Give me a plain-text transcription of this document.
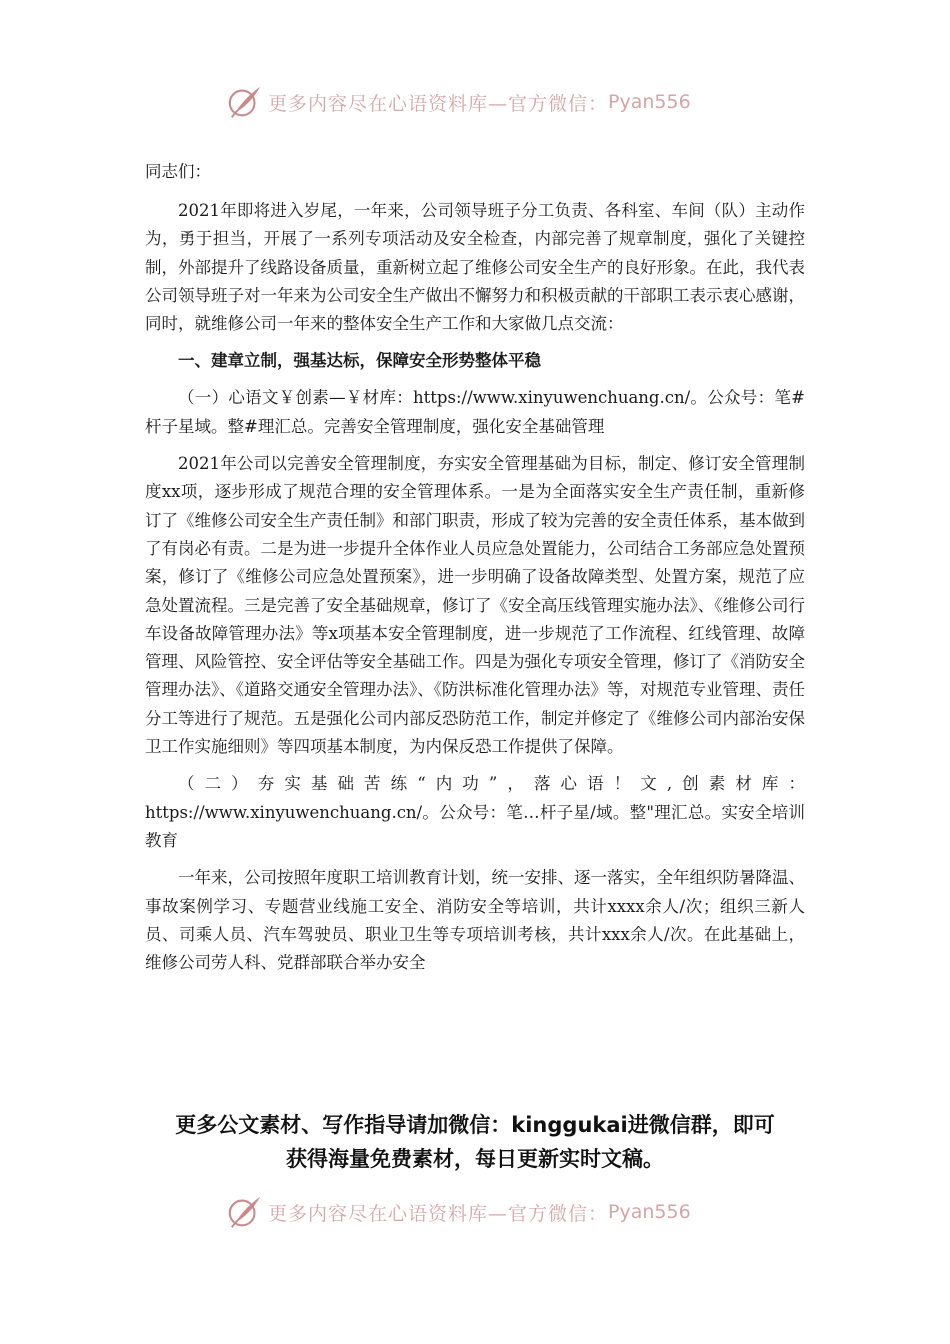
更多内容尽在心语资料库—官方微信： Pyan556

同志们：

2021年即将进入岁尾，一年来，公司领导班子分工负责、各科室、车间（队）主动作为，勇于担当，开展了一系列专项活动及安全检查，内部完善了规章制度，强化了关键控制，外部提升了线路设备质量，重新树立起了维修公司安全生产的良好形象。在此，我代表公司领导班子对一年来为公司安全生产做出不懈努力和积极贡献的干部职工表示衷心感谢，同时，就维修公司一年来的整体安全生产工作和大家做几点交流：

一、建章立制，强基达标，保障安全形势整体平稳

（一）心语文￥创素—￥材库：https://www.xinyuwenchuang.cn/。公众号：笔#杆子星域。整#理汇总。完善安全管理制度，强化安全基础管理

2021年公司以完善安全管理制度，夯实安全管理基础为目标，制定、修订安全管理制度xx项，逐步形成了规范合理的安全管理体系。一是为全面落实安全生产责任制，重新修订了《维修公司安全生产责任制》和部门职责，形成了较为完善的安全责任体系，基本做到了有岗必有责。二是为进一步提升全体作业人员应急处置能力，公司结合工务部应急处置预案，修订了《维修公司应急处置预案》，进一步明确了设备故障类型、处置方案，规范了应急处置流程。三是完善了安全基础规章，修订了《安全高压线管理实施办法》、《维修公司行车设备故障管理办法》等x项基本安全管理制度，进一步规范了工作流程、红线管理、故障管理、风险管控、安全评估等安全基础工作。四是为强化专项安全管理，修订了《消防安全管理办法》、《道路交通安全管理办法》、《防洪标准化管理办法》等，对规范专业管理、责任分工等进行了规范。五是强化公司内部反恐防范工作，制定并修定了《维修公司内部治安保卫工作实施细则》等四项基本制度，为内保反恐工作提供了保障。

（二）夯实基础苦练“内功”，落心语！文,创素材库：https://www.xinyuwenchuang.cn/。公众号：笔…杆子星/域。整"理汇总。实安全培训教育

一年来，公司按照年度职工培训教育计划，统一安排、逐一落实，全年组织防暑降温、事故案例学习、专题营业线施工安全、消防安全等培训，共计xxxx余人/次；组织三新人员、司乘人员、汽车驾驶员、职业卫生等专项培训考核，共计xxx余人/次。在此基础上，维修公司劳人科、党群部联合举办安全

更多公文素材、写作指导请加微信：kinggukai进微信群，即可
获得海量免费素材，每日更新实时文稿。
更多内容尽在心语资料库—官方微信： Pyan556
